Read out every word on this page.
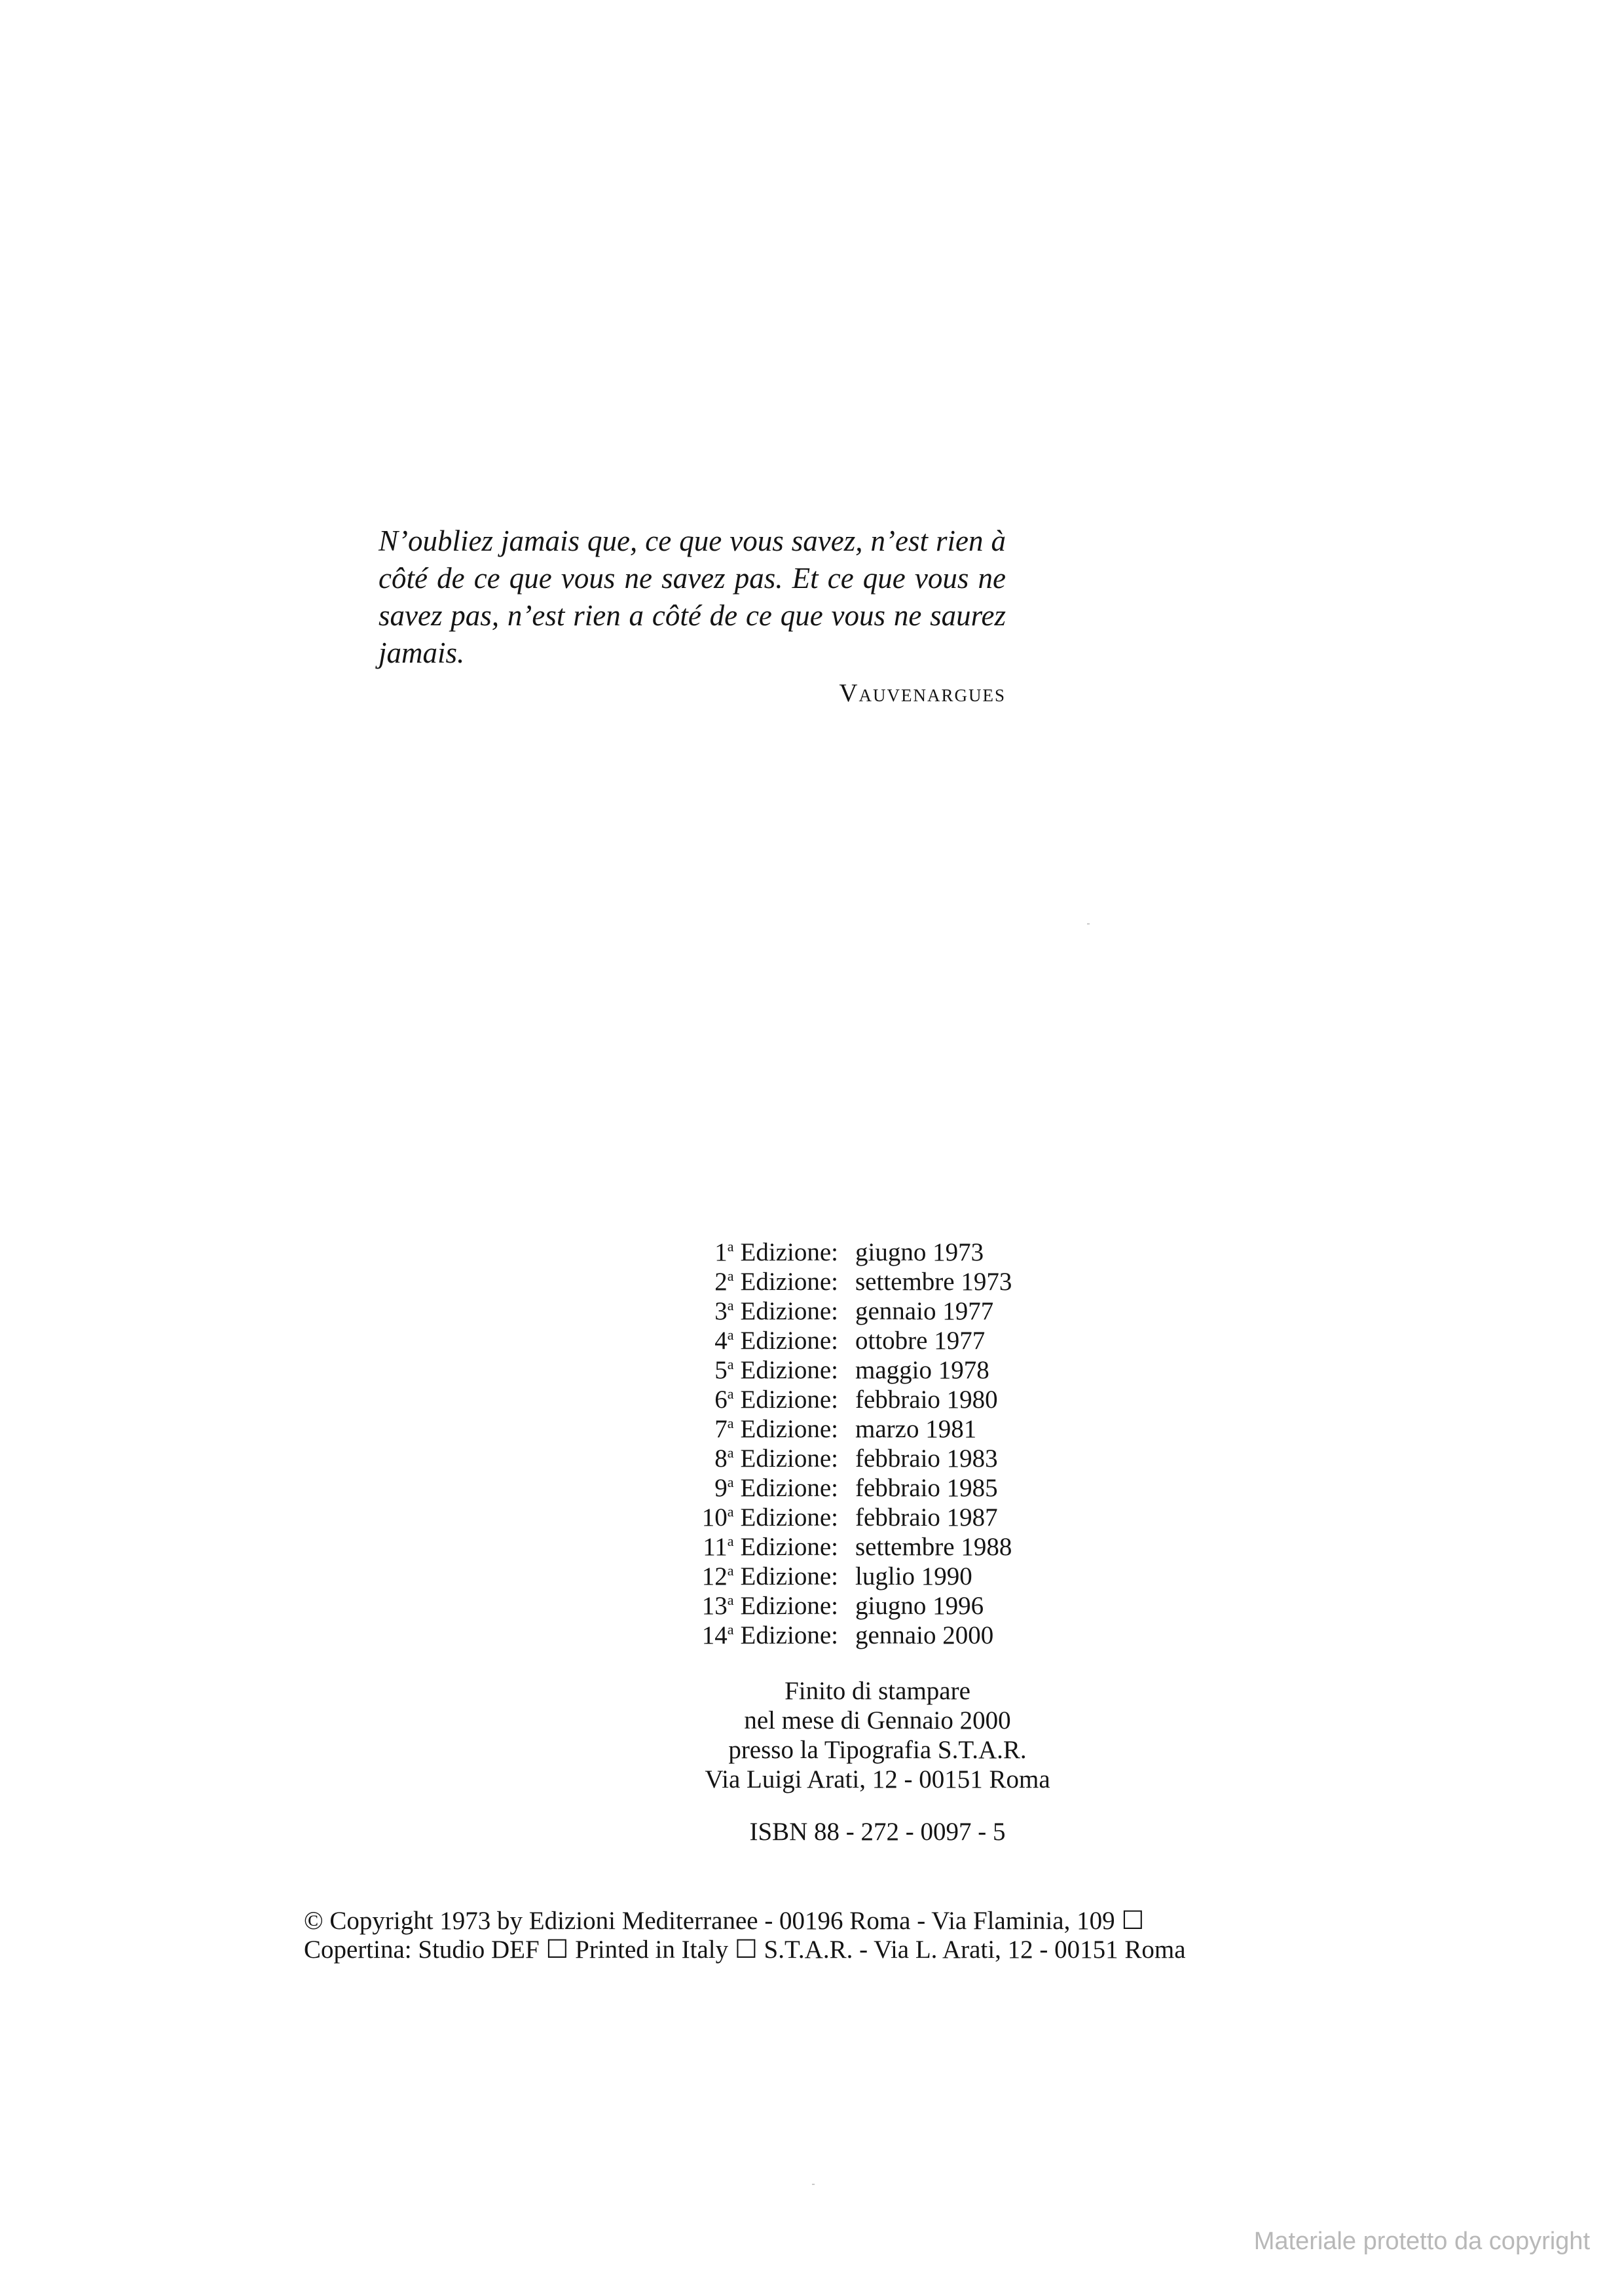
N’oubliez jamais que, ce que vous savez, n’est rien à côté de ce que vous ne savez pas. Et ce que vous ne savez pas, n’est rien a côté de ce que vous ne saurez jamais.

Vauvenargues
1$^a$ Edizione: giugno 1973
2$^a$ Edizione: settembre 1973
3$^a$ Edizione: gennaio 1977
4$^a$ Edizione: ottobre 1977
5$^a$ Edizione: maggio 1978
6$^a$ Edizione: febbraio 1980
7$^a$ Edizione: marzo 1981
8$^a$ Edizione: febbraio 1983
9$^a$ Edizione: febbraio 1985
10$^a$ Edizione: febbraio 1987
11$^a$ Edizione: settembre 1988
12$^a$ Edizione: luglio 1990
13$^a$ Edizione: giugno 1996
14$^a$ Edizione: gennaio 2000
Finito di stampare
nel mese di Gennaio 2000
presso la Tipografia S.T.A.R.
Via Luigi Arati, 12 - 00151 Roma
ISBN 88 - 272 - 0097 - 5
© Copyright 1973 by Edizioni Mediterranee - 00196 Roma - Via Flaminia, 109 ☐
Copertina: Studio DEF ☐ Printed in Italy ☐ S.T.A.R. - Via L. Arati, 12 - 00151 Roma
Materiale protetto da copyright
